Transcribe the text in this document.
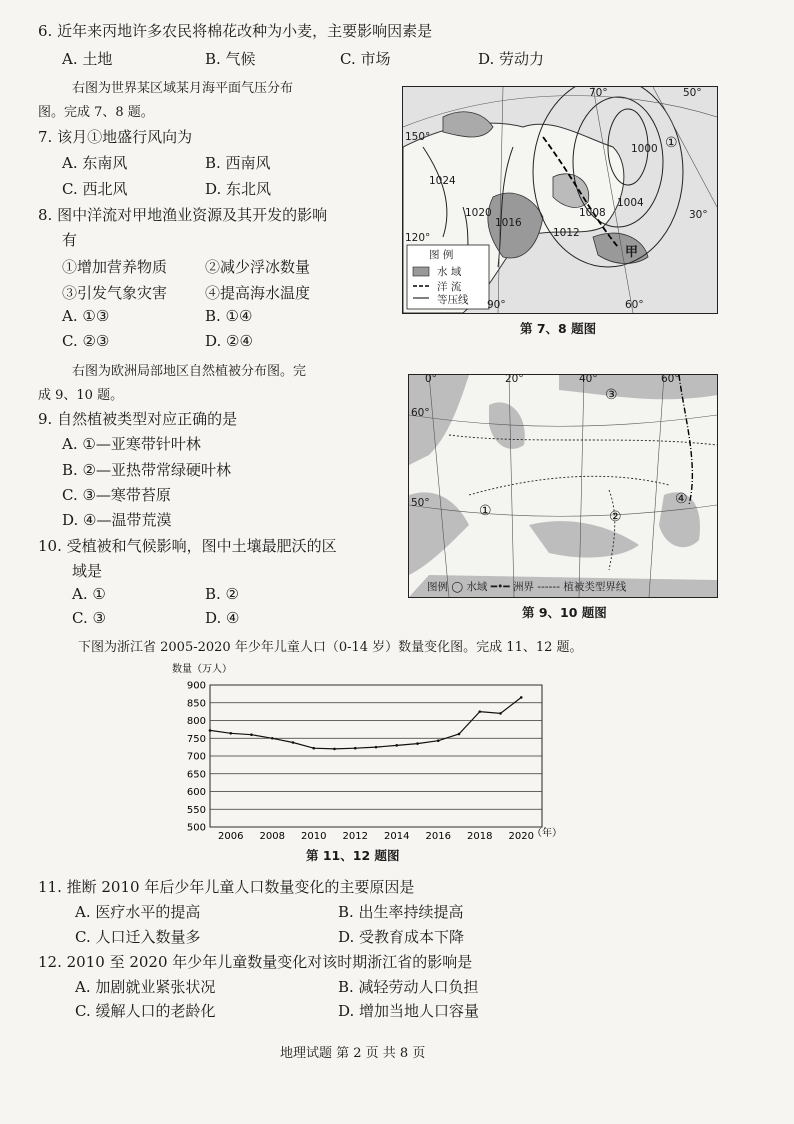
6. 近年来丙地许多农民将棉花改种为小麦，主要影响因素是
A. 土地	B. 气候	C. 市场	D. 劳动力
右图为世界某区域某月海平面气压分布
图。完成 7、8 题。
7. 该月①地盛行风向为
A. 东南风	B. 西南风
C. 西北风	D. 东北风
8. 图中洋流对甲地渔业资源及其开发的影响
有
①增加营养物质	②减少浮冰数量
③引发气象灾害	④提高海水温度
A. ①③	B. ①④
C. ②③	D. ②④
右图为欧洲局部地区自然植被分布图。完
成 9、10 题。
9. 自然植被类型对应正确的是
A. ①—亚寒带针叶林
B. ②—亚热带常绿硬叶林
C. ③—寒带苔原
D. ④—温带荒漠
10. 受植被和气候影响，图中土壤最肥沃的区
域是
A. ①	B. ②
C. ③	D. ④
70°	50°
30°
90°	60°
150°
120°
1000
1024
1020
1016
1012
1008
1004
①
甲
图 例
水 域
洋 流
等压线
第 7、8 题图
0°	20°	40°	60°
60°
50°	①	②
③
④
图例 ◯ 水域 ━•━ 洲界 ------ 植被类型界线
第 9、10 题图
下图为浙江省 2005-2020 年少年儿童人口（0-14 岁）数量变化图。完成 11、12 题。
500
550
600
650
700
750
800
850
900
2006 2008 2010 2012 2014 2016 2018 2020
数量（万人）
（年）
第 11、12 题图
11. 推断 2010 年后少年儿童人口数量变化的主要原因是
A. 医疗水平的提高	B. 出生率持续提高
C. 人口迁入数量多	D. 受教育成本下降
12. 2010 至 2020 年少年儿童数量变化对该时期浙江省的影响是
A. 加剧就业紧张状况	B. 减轻劳动人口负担
C. 缓解人口的老龄化	D. 增加当地人口容量
地理试题 第 2 页 共 8 页
